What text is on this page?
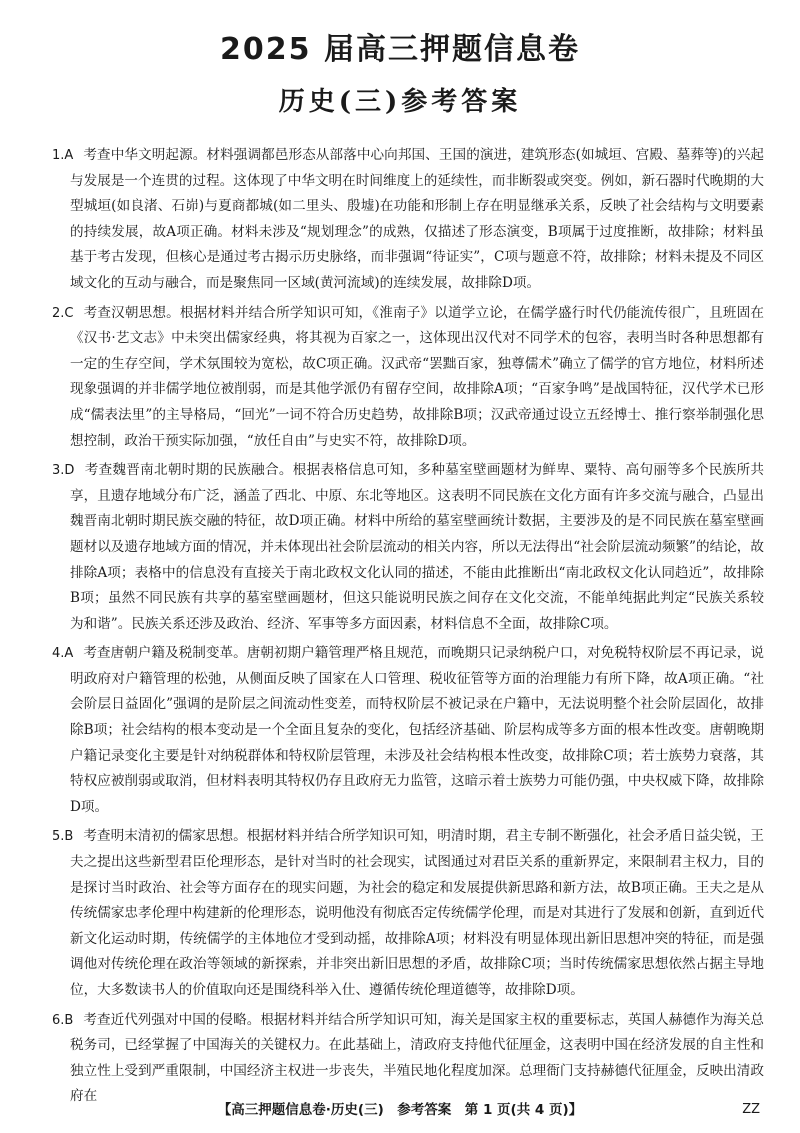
2025 届高三押题信息卷
历史(三)参考答案

1.A 考查中华文明起源。材料强调都邑形态从部落中心向邦国、王国的演进，建筑形态(如城垣、宫殿、墓葬等)的兴起与发展是一个连贯的过程。这体现了中华文明在时间维度上的延续性，而非断裂或突变。例如，新石器时代晚期的大型城垣(如良渚、石峁)与夏商都城(如二里头、殷墟)在功能和形制上存在明显继承关系，反映了社会结构与文明要素的持续发展，故A项正确。材料未涉及“规划理念”的成熟，仅描述了形态演变，B项属于过度推断，故排除；材料虽基于考古发现，但核心是通过考古揭示历史脉络，而非强调“待证实”，C项与题意不符，故排除；材料未提及不同区域文化的互动与融合，而是聚焦同一区域(黄河流域)的连续发展，故排除D项。

2.C 考查汉朝思想。根据材料并结合所学知识可知，《淮南子》以道学立论，在儒学盛行时代仍能流传很广，且班固在《汉书·艺文志》中未突出儒家经典，将其视为百家之一，这体现出汉代对不同学术的包容，表明当时各种思想都有一定的生存空间，学术氛围较为宽松，故C项正确。汉武帝“罢黜百家，独尊儒术”确立了儒学的官方地位，材料所述现象强调的并非儒学地位被削弱，而是其他学派仍有留存空间，故排除A项；“百家争鸣”是战国特征，汉代学术已形成“儒表法里”的主导格局，“回光”一词不符合历史趋势，故排除B项；汉武帝通过设立五经博士、推行察举制强化思想控制，政治干预实际加强，“放任自由”与史实不符，故排除D项。

3.D 考查魏晋南北朝时期的民族融合。根据表格信息可知，多种墓室壁画题材为鲜卑、粟特、高句丽等多个民族所共享，且遗存地域分布广泛，涵盖了西北、中原、东北等地区。这表明不同民族在文化方面有许多交流与融合，凸显出魏晋南北朝时期民族交融的特征，故D项正确。材料中所给的墓室壁画统计数据，主要涉及的是不同民族在墓室壁画题材以及遗存地域方面的情况，并未体现出社会阶层流动的相关内容，所以无法得出“社会阶层流动频繁”的结论，故排除A项；表格中的信息没有直接关于南北政权文化认同的描述，不能由此推断出“南北政权文化认同趋近”，故排除B项；虽然不同民族有共享的墓室壁画题材，但这只能说明民族之间存在文化交流，不能单纯据此判定“民族关系较为和谐”。民族关系还涉及政治、经济、军事等多方面因素，材料信息不全面，故排除C项。

4.A 考查唐朝户籍及税制变革。唐朝初期户籍管理严格且规范，而晚期只记录纳税户口，对免税特权阶层不再记录，说明政府对户籍管理的松弛，从侧面反映了国家在人口管理、税收征管等方面的治理能力有所下降，故A项正确。“社会阶层日益固化”强调的是阶层之间流动性变差，而特权阶层不被记录在户籍中，无法说明整个社会阶层固化，故排除B项；社会结构的根本变动是一个全面且复杂的变化，包括经济基础、阶层构成等多方面的根本性改变。唐朝晚期户籍记录变化主要是针对纳税群体和特权阶层管理，未涉及社会结构根本性改变，故排除C项；若士族势力衰落，其特权应被削弱或取消，但材料表明其特权仍存且政府无力监管，这暗示着士族势力可能仍强，中央权威下降，故排除D项。

5.B 考查明末清初的儒家思想。根据材料并结合所学知识可知，明清时期，君主专制不断强化，社会矛盾日益尖锐，王夫之提出这些新型君臣伦理形态，是针对当时的社会现实，试图通过对君臣关系的重新界定，来限制君主权力，目的是探讨当时政治、社会等方面存在的现实问题，为社会的稳定和发展提供新思路和新方法，故B项正确。王夫之是从传统儒家忠孝伦理中构建新的伦理形态，说明他没有彻底否定传统儒学伦理，而是对其进行了发展和创新，直到近代新文化运动时期，传统儒学的主体地位才受到动摇，故排除A项；材料没有明显体现出新旧思想冲突的特征，而是强调他对传统伦理在政治等领域的新探索，并非突出新旧思想的矛盾，故排除C项；当时传统儒家思想依然占据主导地位，大多数读书人的价值取向还是围绕科举入仕、遵循传统伦理道德等，故排除D项。

6.B 考查近代列强对中国的侵略。根据材料并结合所学知识可知，海关是国家主权的重要标志，英国人赫德作为海关总税务司，已经掌握了中国海关的关键权力。在此基础上，清政府支持他代征厘金，这表明中国在经济发展的自主性和独立性上受到严重限制，中国经济主权进一步丧失，半殖民地化程度加深。总理衙门支持赫德代征厘金，反映出清政府在

【高三押题信息卷·历史(三)　参考答案　第 1 页(共 4 页)】	ZZ
